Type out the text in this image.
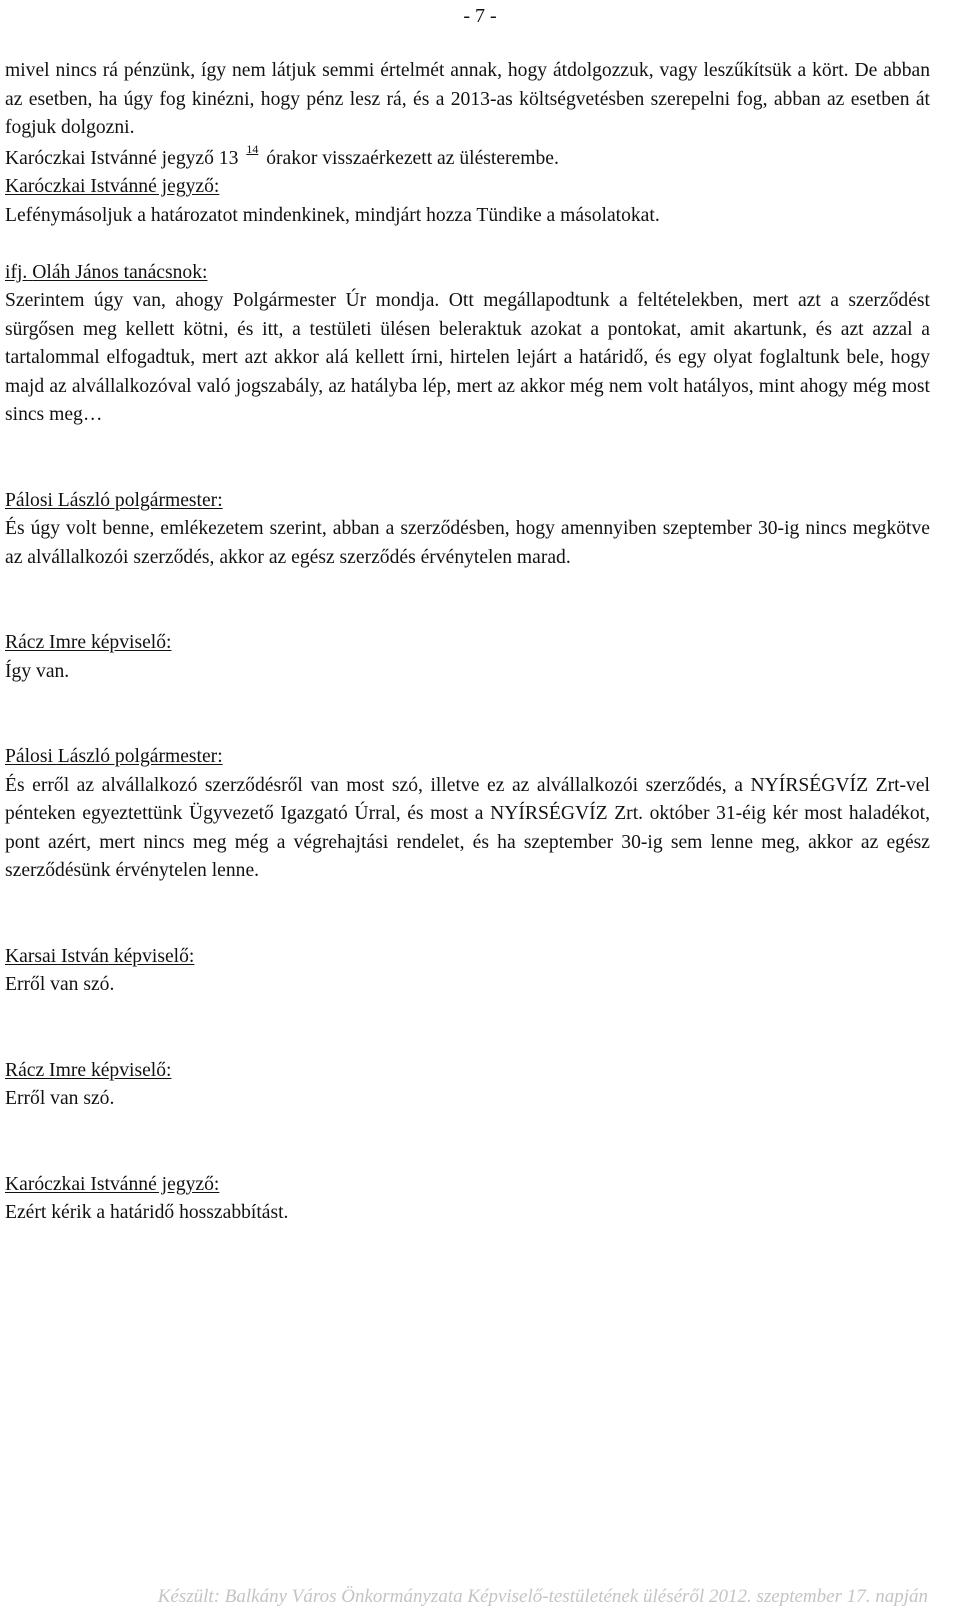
- 7 -

mivel nincs rá pénzünk, így nem látjuk semmi értelmét annak, hogy átdolgozzuk, vagy leszűkítsük a kört. De abban az esetben, ha úgy fog kinézni, hogy pénz lesz rá, és a 2013-as költségvetésben szerepelni fog, abban az esetben át fogjuk dolgozni.

Karóczkai Istvánné jegyző 13 14 órakor visszaérkezett az ülésterembe.

Karóczkai Istvánné jegyző:

Lefénymásoljuk a határozatot mindenkinek, mindjárt hozza Tündike a másolatokat.

ifj. Oláh János tanácsnok:

Szerintem úgy van, ahogy Polgármester Úr mondja. Ott megállapodtunk a feltételekben, mert azt a szerződést sürgősen meg kellett kötni, és itt, a testületi ülésen beleraktuk azokat a pontokat, amit akartunk, és azt azzal a tartalommal elfogadtuk, mert azt akkor alá kellett írni, hirtelen lejárt a határidő, és egy olyat foglaltunk bele, hogy majd az alvállalkozóval való jogszabály, az hatályba lép, mert az akkor még nem volt hatályos, mint ahogy még most sincs meg…

Pálosi László polgármester:

És úgy volt benne, emlékezetem szerint, abban a szerződésben, hogy amennyiben szeptember 30-ig nincs megkötve az alvállalkozói szerződés, akkor az egész szerződés érvénytelen marad.

Rácz Imre képviselő:

Így van.

Pálosi László polgármester:

És erről az alvállalkozó szerződésről van most szó, illetve ez az alvállalkozói szerződés, a NYÍRSÉGVÍZ Zrt-vel pénteken egyeztettünk Ügyvezető Igazgató Úrral, és most a NYÍRSÉGVÍZ Zrt. október 31-éig kér most haladékot, pont azért, mert nincs meg még a végrehajtási rendelet, és ha szeptember 30-ig sem lenne meg, akkor az egész szerződésünk érvénytelen lenne.

Karsai István képviselő:

Erről van szó.

Rácz Imre képviselő:

Erről van szó.

Karóczkai Istvánné jegyző:

Ezért kérik a határidő hosszabbítást.

Készült: Balkány Város Önkormányzata Képviselő-testületének üléséről 2012. szeptember 17. napján
